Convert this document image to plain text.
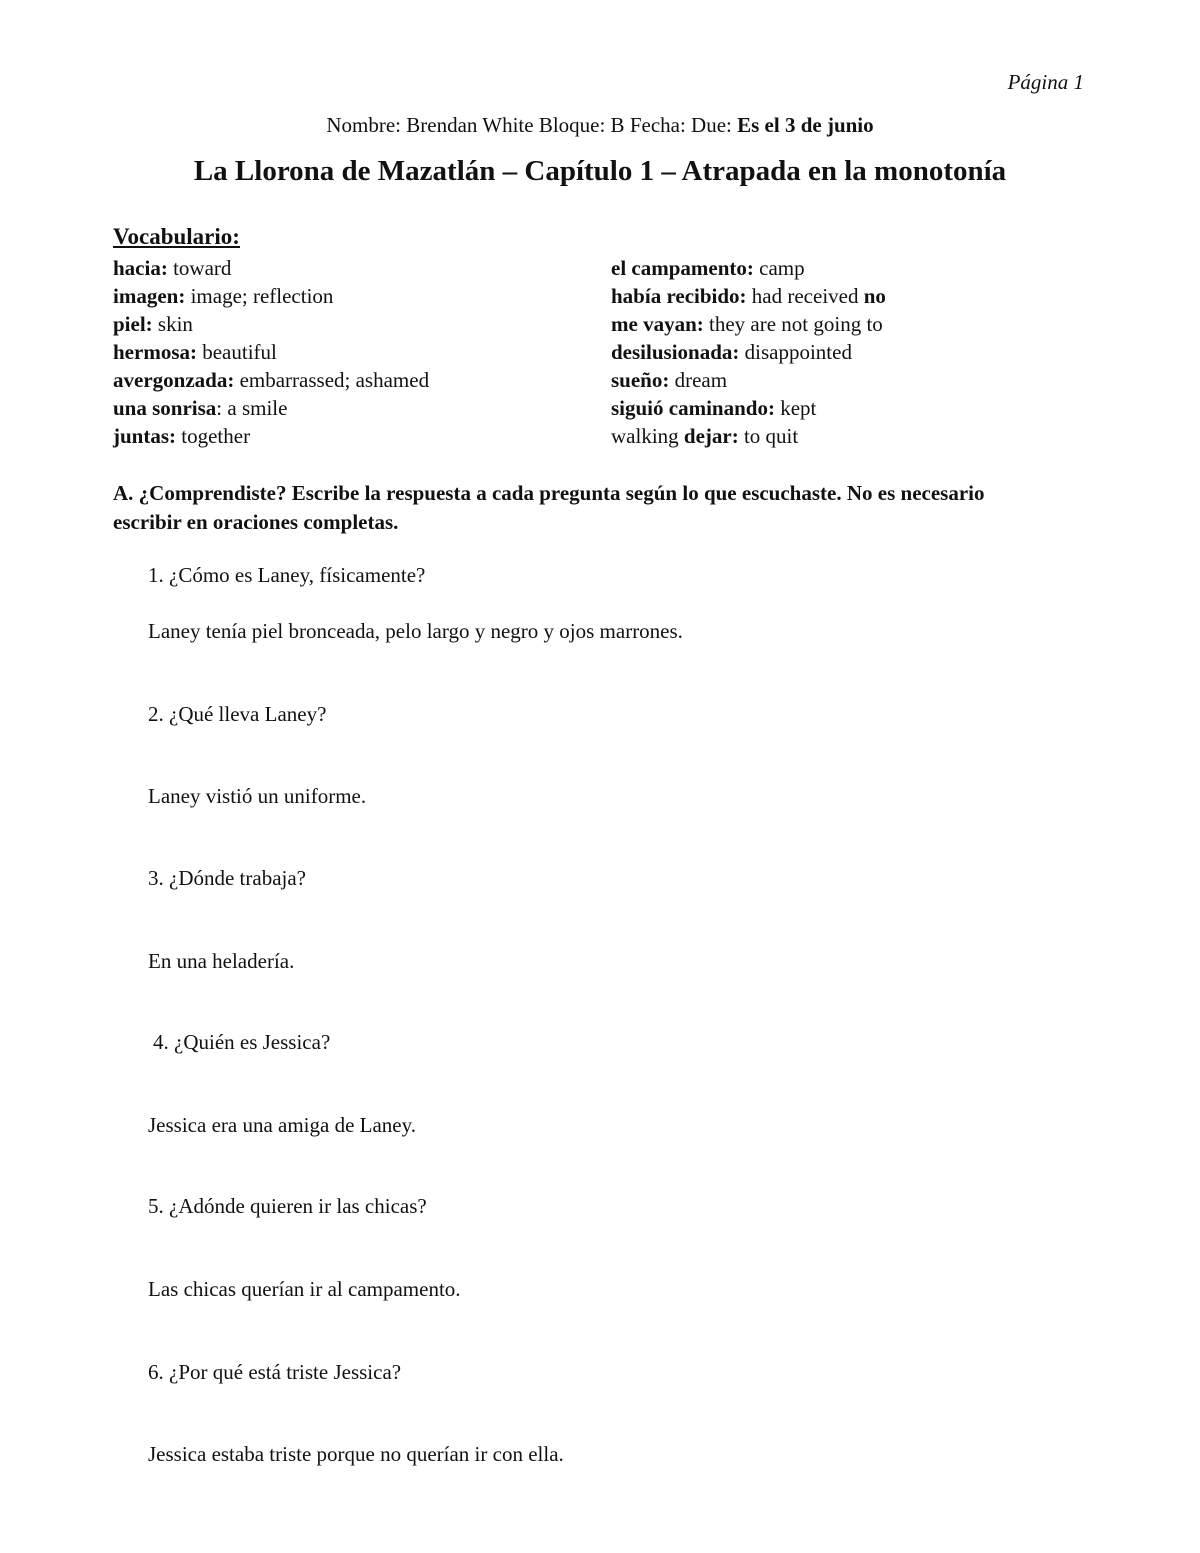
Página 1
Nombre: Brendan White Bloque: B Fecha: Due: Es el 3 de junio
La Llorona de Mazatlán – Capítulo 1 – Atrapada en la monotonía
Vocabulario:
hacia: toward
imagen: image; reflection
piel: skin
hermosa: beautiful
avergonzada: embarrassed; ashamed
una sonrisa: a smile
juntas: together
el campamento: camp
había recibido: had received no
me vayan: they are not going to
desilusionada: disappointed
sueño: dream
siguió caminando: kept
walking dejar: to quit
A. ¿Comprendiste? Escribe la respuesta a cada pregunta según lo que escuchaste. No es necesario escribir en oraciones completas.
1. ¿Cómo es Laney, físicamente?
Laney tenía piel bronceada, pelo largo y negro y ojos marrones.
2. ¿Qué lleva Laney?
Laney vistió un uniforme.
3. ¿Dónde trabaja?
En una heladería.
4. ¿Quién es Jessica?
Jessica era una amiga de Laney.
5. ¿Adónde quieren ir las chicas?
Las chicas querían ir al campamento.
6. ¿Por qué está triste Jessica?
Jessica estaba triste porque no querían ir con ella.
